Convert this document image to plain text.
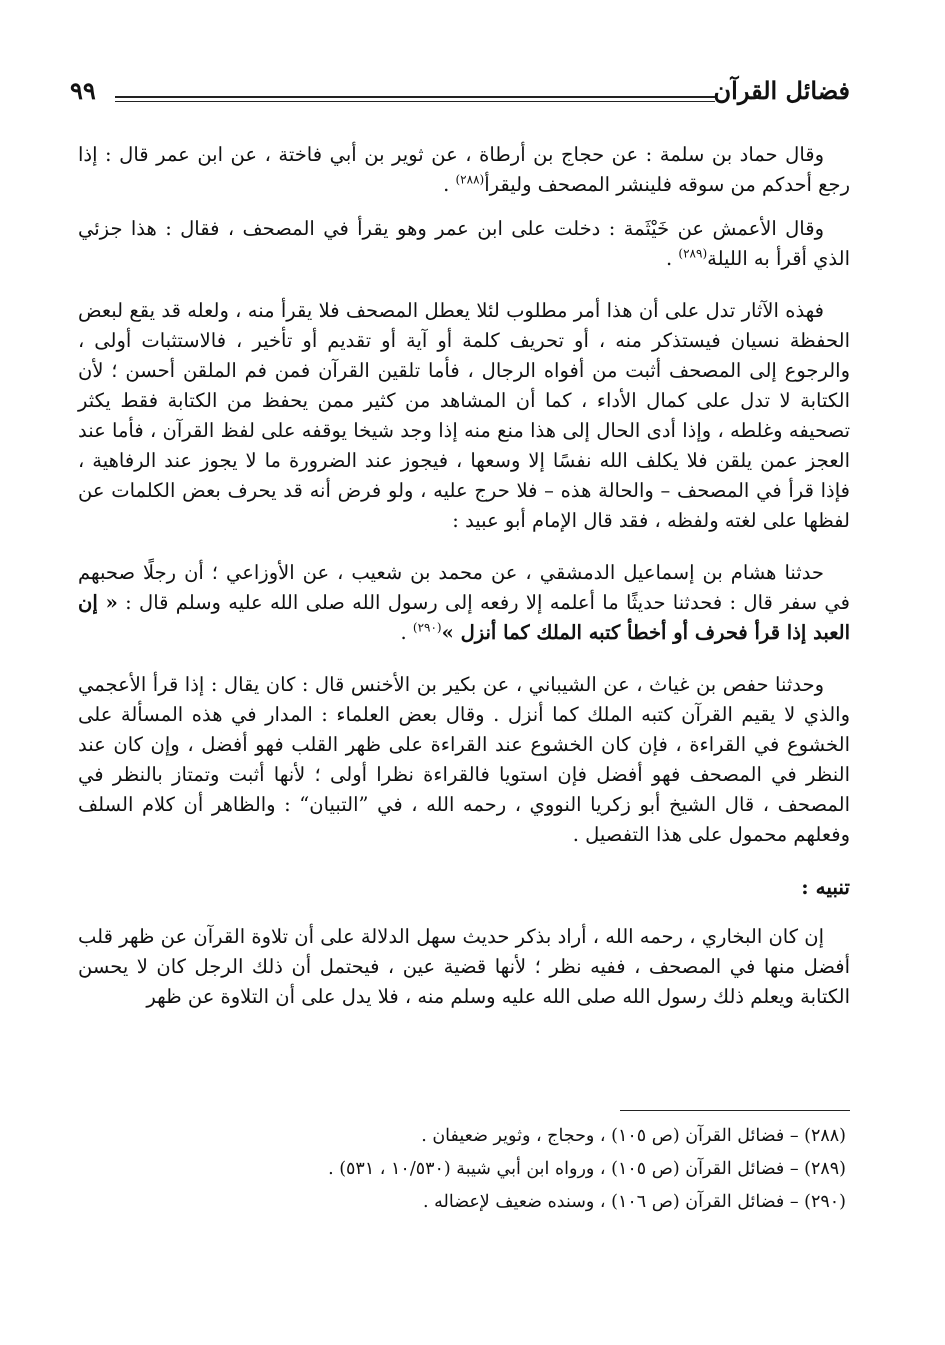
فضائل القرآن
٩٩

وقال حماد بن سلمة : عن حجاج بن أرطاة ، عن ثوير بن أبي فاختة ، عن ابن عمر قال : إذا رجع أحدكم من سوقه فلينشر المصحف وليقرأ$^{(٢٨٨)}$ .

وقال الأعمش عن خَيْثَمة : دخلت على ابن عمر وهو يقرأ في المصحف ، فقال : هذا جزئي الذي أقرأ به الليلة$^{(٢٨٩)}$ .

فهذه الآثار تدل على أن هذا أمر مطلوب لئلا يعطل المصحف فلا يقرأ منه ، ولعله قد يقع لبعض الحفظة نسيان فيستذكر منه ، أو تحريف كلمة أو آية أو تقديم أو تأخير ، فالاستثبات أولى ، والرجوع إلى المصحف أثبت من أفواه الرجال ، فأما تلقين القرآن فمن فم الملقن أحسن ؛ لأن الكتابة لا تدل على كمال الأداء ، كما أن المشاهد من كثير ممن يحفظ من الكتابة فقط يكثر تصحيفه وغلطه ، وإذا أدى الحال إلى هذا منع منه إذا وجد شيخا يوقفه على لفظ القرآن ، فأما عند العجز عمن يلقن فلا يكلف الله نفسًا إلا وسعها ، فيجوز عند الضرورة ما لا يجوز عند الرفاهية ، فإذا قرأ في المصحف – والحالة هذه – فلا حرج عليه ، ولو فرض أنه قد يحرف بعض الكلمات عن لفظها على لغته ولفظه ، فقد قال الإمام أبو عبيد :

حدثنا هشام بن إسماعيل الدمشقي ، عن محمد بن شعيب ، عن الأوزاعي ؛ أن رجلًا صحبهم في سفر قال : فحدثنا حديثًا ما أعلمه إلا رفعه إلى رسول الله صلى الله عليه وسلم قال : « إن العبد إذا قرأ فحرف أو أخطأ كتبه الملك كما أنزل »$^{(٢٩٠)}$ .

وحدثنا حفص بن غياث ، عن الشيباني ، عن بكير بن الأخنس قال : كان يقال : إذا قرأ الأعجمي والذي لا يقيم القرآن كتبه الملك كما أنزل . وقال بعض العلماء : المدار في هذه المسألة على الخشوع في القراءة ، فإن كان الخشوع عند القراءة على ظهر القلب فهو أفضل ، وإن كان عند النظر في المصحف فهو أفضل فإن استويا فالقراءة نظرا أولى ؛ لأنها أثبت وتمتاز بالنظر في المصحف ، قال الشيخ أبو زكريا النووي ، رحمه الله ، في ”التبيان“ : والظاهر أن كلام السلف وفعلهم محمول على هذا التفصيل .

تنبيه :

إن كان البخاري ، رحمه الله ، أراد بذكر حديث سهل الدلالة على أن تلاوة القرآن عن ظهر قلب أفضل منها في المصحف ، ففيه نظر ؛ لأنها قضية عين ، فيحتمل أن ذلك الرجل كان لا يحسن الكتابة ويعلم ذلك رسول الله صلى الله عليه وسلم منه ، فلا يدل على أن التلاوة عن ظهر

(٢٨٨) – فضائل القرآن (ص ١٠٥) ، وحجاج ، وثوير ضعيفان .

(٢٨٩) – فضائل القرآن (ص ١٠٥) ، ورواه ابن أبي شيبة (١٠/٥٣٠ ، ٥٣١) .

(٢٩٠) – فضائل القرآن (ص ١٠٦) ، وسنده ضعيف لإعضاله .
